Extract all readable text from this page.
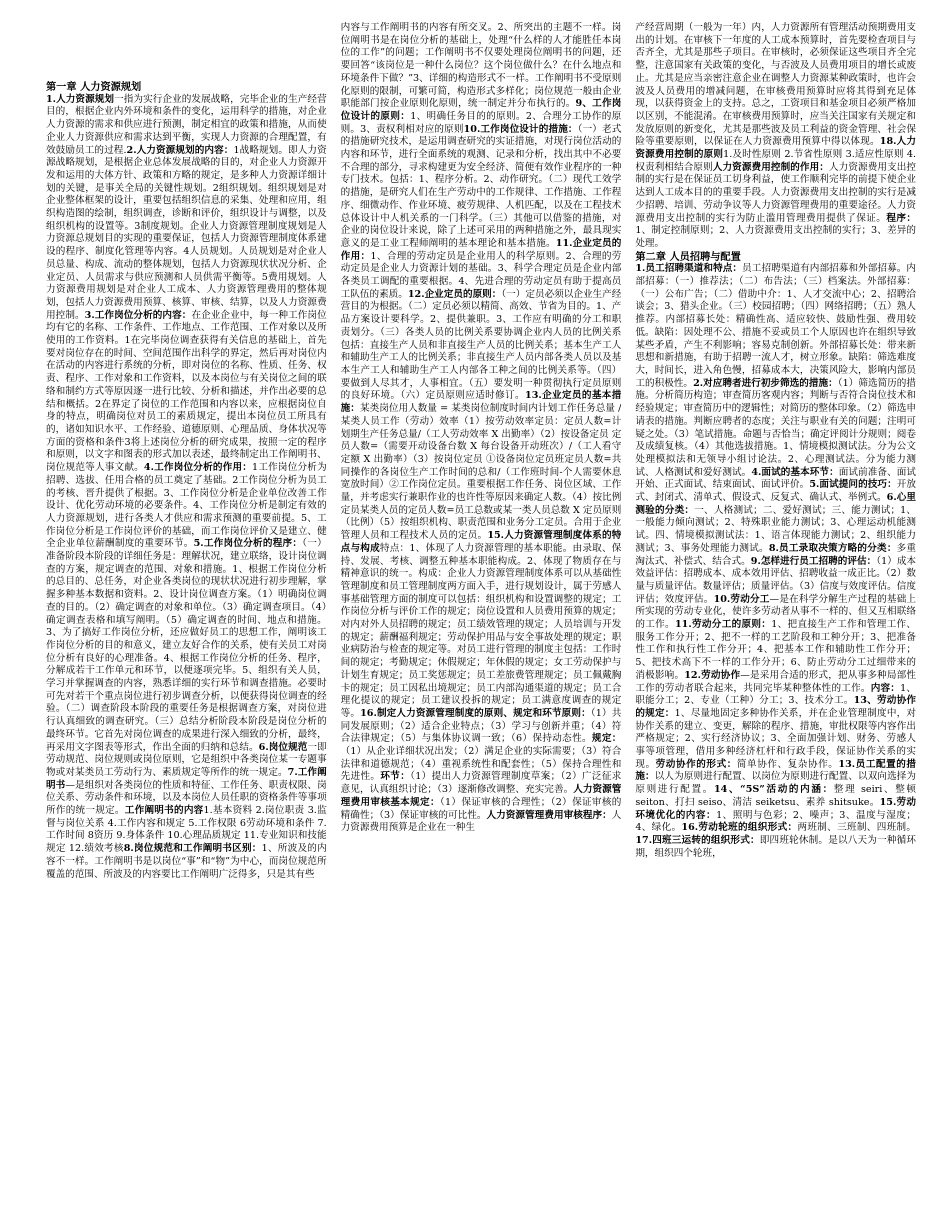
第一章 人力资源规划

1.人力资源规划一指为实行企业的发展战略，完毕企业的生产经营目的，根据企业内外环境和条件的变化，运用科学的措施，对企业人力资源的需求和供应进行预测，制定相宜的政策和措施，从而使企业人力资源供应和需求达到平衡，实现人力资源的合理配置，有效鼓励员工的过程.2.人力资源规划的内容：1战略规划。即人力资源战略规划，是根据企业总体发展战略的目的，对企业人力资源开发和运用的大体方针、政策和方略的规定，是多种人力资源详细计划的关键，是事关全局的关键性规划。2组织规划。组织规划是对企业整体框架的设计，重要包括组织信息的采集、处理和应用，组织构造图的绘制，组织调查，诊断和评价，组织设计与调整，以及组织机构的设置等。3制度规划。企业人力资源管理制度规划是人力资源总规划目的实现的重要保证，包括人力资源管理制度体系建设的程序、制度化管理等内容。4人员规划。人员规划是对企业人员总量、构成、流动的整体规划，包括人力资源现状状况分析、企业定员、人员需求与供应预测和人员供需平衡等。5费用规划。人力资源费用规划是对企业人工成本、人力资源管理费用的整体规划，包括人力资源费用预算、核算、审核、结算，以及人力资源费用控制。3.工作岗位分析的内容：在企业企业中，每一种工作岗位均有它的名称、工作条件、工作地点、工作范围、工作对象以及所使用的工作资料。1在完毕岗位调查获得有关信息的基础上，首先要对岗位存在的时间、空间范围作出科学的界定，然后再对岗位内在活动的内容进行系统的分析，即对岗位的名称、性质、任务、权责、程序、工作对象和工作资料，以及本岗位与有关岗位之间的联络和制约方式等原因逐一进行比较、分析和描述，并作出必要的总结和概括。2在界定了岗位的工作范围和内容以来，应根据岗位自身的特点，明确岗位对员工的素质规定，提出本岗位员工所具有的，诸如知识水平、工作经验、道德原则、心理品质、身体状况等方面的资格和条件3将上述岗位分析的研究成果，按照一定的程序和原则，以文字和图表的形式加以表述，最终制定出工作阐明书、岗位规范等人事文献。4.工作岗位分析的作用：1工作岗位分析为招聘、选拔、任用合格的员工奠定了基础。2工作岗位分析为员工的考核、晋升提供了根据。3、工作岗位分析是企业单位改善工作设计、优化劳动环境的必要条件。4、工作岗位分析是制定有效的人力资源规划，进行各类人才供应和需求预测的重要前提。5、工作岗位分析是工作岗位评价的基础，而工作岗位评价又是建立、健全企业单位薪酬制度的重要环节。5.工作岗位分析的程序：（一）准备阶段本阶段的详细任务是：理解状况，建立联络，设计岗位调查的方案，规定调查的范围、对象和措施。1、根据工作岗位分析的总目的、总任务，对企业各类岗位的现状状况进行初步理解，掌握多种基本数据和资料。2、设计岗位调查方案。（1）明确岗位调查的目的。（2）确定调查的对象和单位。（3）确定调查项目。（4）确定调查表格和填写阐明。（5）确定调查的时间、地点和措施。3、为了搞好工作岗位分析，还应做好员工的思想工作，阐明该工作岗位分析的目的和意义，建立友好合作的关系，使有关员工对岗位分析有良好的心理准备。4、根据工作岗位分析的任务、程序，分解成若干工作单元和环节，以便逐项完毕。5、组织有关人员，学习并掌握调查的内容，熟悉详细的实行环节和调查措施。必要时可先对若干个重点岗位进行初步调查分析，以便获得岗位调查的经验。（二）调查阶段本阶段的重要任务是根据调查方案，对岗位进行认真细致的调查研究。（三）总结分析阶段本阶段是岗位分析的最终环节。它首先对岗位调查的成果进行深入细致的分析，最终，再采用文字图表等形式，作出全面的归纳和总结。6.岗位规范一即劳动规范、岗位规则或岗位原则，它是组织中各类岗位某一专题事物或对某类员工劳动行为、素质规定等所作的统一规定。7.工作阐明书—是组织对各类岗位的性质和特征、工作任务、职责权限、岗位关系、劳动条件和环境，以及本岗位人员任职的资格条件等事项所作的统一规定。工作阐明书的内容1.基本资料 2.岗位职责 3.监督与岗位关系 4.工作内容和规定 5.工作权限 6劳动环境和条件 7.工作时间 8资历 9.身体条件 10.心理品质规定 11.专业知识和技能规定 12.绩效考核8.岗位规范和工作阐明书区别：1、所波及的内容不一样。工作阐明书是以岗位“事”和“物”为中心，而岗位规范所覆盖的范围、所波及的内容要比工作阐明广泛得多，只是其有些

内容与工作阐明书的内容有所交叉。2、所突出的主题不一样。岗位阐明书是在岗位分析的基础上，处理“什么样的人才能胜任本岗位的工作”的问题；工作阐明书不仅要处理岗位阐明书的问题，还要回答“该岗位是一种什么岗位？这个岗位做什么？在什么地点和环境条件下做？”3、详细的构造形式不一样。工作阐明书不受原则化原则的限制，可繁可简，构造形式多样化；岗位规范一般由企业职能部门按企业原则化原则，统一制定并分布执行的。9、工作岗位设计的原则：1、明确任务目的的原则。2、合理分工协作的原则。3、责权利相对应的原则10.工作岗位设计的措施：（一）老式的措施研究技术，是运用调查研究的实证措施，对现行岗位活动的内容和环节，进行全面系统的观测、记录和分析，找出其中不必要不合理的部分，寻求构建更为安全经济、简便有效作业程序的一种专门技术。包括：1、程序分析。2、动作研究。（二）现代工效学的措施，是研究人们在生产劳动中的工作规律、工作措施、工作程序、细微动作、作业环境、疲劳规律、人机匹配，以及在工程技术总体设计中人机关系的一门科学。（三）其他可以借鉴的措施，对企业的岗位设计来说，除了上述可采用的两种措施之外，最具现实意义的是工业工程师阐明的基本理论和基本措施。11.企业定员的作用：1、合理的劳动定员是企业用人的科学原则。2、合理的劳动定员是企业人力资源计划的基础。3、科学合理定员是企业内部各类员工调配的重要根据。4、先进合理的劳动定员有助于提高员工队伍的素质。12.企业定员的原则：（一）定员必须以企业生产经营目的为根据。（二）定员必须以精简、高效、节省为目的。1、产品方案设计要科学。2、提供兼职。3、工作应有明确的分工和职责划分。（三）各类人员的比例关系要协调企业内人员的比例关系包括：直接生产人员和非直接生产人员的比例关系；基本生产工人和辅助生产工人的比例关系；非直接生产人员内部各类人员以及基本生产工人和辅助生产工人内部各工种之间的比例关系等。（四）要做到人尽其才，人事相宜。（五）要发明一种贯彻执行定员原则的良好环境。（六）定员原则应适时修订。13.企业定员的基本措施：某类岗位用人数量 = 某类岗位制度时间内计划工作任务总量 / 某类人员工作（劳动）效率（1）按劳动效率定员：定员人数=计划期生产任务总量/（工人劳动效率 X 出勤率）（2）按设备定员 定员人数=（需要开动设备台数 X 每台设备开动班次）/（工人看守定额 X 出勤率）（3）按岗位定员 ①设备岗位定员班定员人数=共同操作的各岗位生产工作时间的总和/（工作班时间-个人需要休息宽放时间）②工作岗位定员。重要根据工作任务、岗位区域、工作量，并考虑实行兼职作业的也许性等原因来确定人数。（4）按比例定员某类人员的定员人数=员工总数或某一类人员总数 X 定员原则（比例）（5）按组织机构、职责范围和业务分工定员。合用于企业管理人员和工程技术人员的定员。15.人力资源管理制度体系的特点与构成特点：1、体现了人力资源管理的基本职能。由录取、保持、发展、考核、调整五种基本职能构成。2、体现了物质存在与精神意识的统一。构成：企业人力资源管理制度体系可以从基础性管理制度和员工管理制度两方面入手，进行规划设计，属于劳感人事基础管理方面的制度可以包括：组织机构和设置调整的规定；工作岗位分析与评价工作的规定；岗位设置和人员费用预算的规定；对内对外人员招聘的规定；员工绩效管理的规定；人员培训与开发的规定；薪酬福利规定；劳动保护用品与安全事故处理的规定；职业病防治与检查的规定等。对员工进行管理的制度主包括：工作时间的规定；考勤规定；休假规定；年休假的规定；女工劳动保护与计划生育规定；员工奖惩规定；员工差旅费管理规定；员工佩戴胸卡的规定；员工因私出境规定；员工内部沟通渠道的规定；员工合理化提议的规定；员工建议投拆的规定；员工满意度调查的规定等。16.制定人力资源管理制度的原则、规定和环节原则：（1）共同发展原则；（2）适合企业特点；（3）学习与创新并重；（4）符合法律规定；（5）与集体协议调一致；（6）保持动态性。规定：（1）从企业详细状况出发；（2）满足企业的实际需要；（3）符合法律和道德规范；（4）重视系统性和配套性；（5）保持合理性和先进性。环节：（1）提出人力资源管理制度草案；（2）广泛征求意见，认真组织讨论；（3）逐渐修改调整、充实完善。人力资源管理费用审核基本规定：（1）保证审核的合理性；（2）保证审核的精确性；（3）保证审核的可比性。人力资源管理费用审核程序：人力资源费用预算是企业在一种生

产经营周期（一般为一年）内，人力资源所有管理活动预期费用支出的计划。在审核下一年度的人工成本预算时，首先要检查项目与否齐全，尤其是那些子项目。在审核时，必须保证这些项目齐全完整，注意国家有关政策的变化，与否波及人员费用项目的增长或废止。尤其是应当亲密注意企业在调整人力资源某种政策时，也许会波及人员费用的增减问题，在审核费用预算时应将其得到充足体现，以获得资金上的支持。总之，工资项目和基金项目必须严格加以区别，不能混淆。在审核费用预算时，应当关注国家有关规定和发放原则的新变化，尤其是那些波及员工利益的资金管理、社会保险等重要原则，以保证在人力资源费用预算中得以体现。18.人力资源费用控制的原则1.及时性原则 2.节省性原则 3.适应性原则 4.权责利相结合原则人力资源费用控制的作用：人力资源费用支出控制的实行是在保证员工切身利益，使工作顺利完毕的前提下使企业达到人工成本目的的重要手段。人力资源费用支出控制的实行是减少招聘、培训、劳动争议等人力资源管理费用的重要途径。人力资源费用支出控制的实行为防止滥用管理费用提供了保证。程序：1、制定控制原则；2、人力资源费用支出控制的实行；3、差异的处理。

第二章 人员招聘与配置

1.员工招聘渠道和特点：员工招聘渠道有内部招募和外部招募。内部招募：（一）推荐法；（二）布告法；（三）档案法。外部招募：（一）公布广告；（二）借助中介：1、人才交流中心；2、招聘洽谈会；3、猎头企业。（三）校园招聘；（四）网络招聘；（五）熟人推荐。内部招募长处：精确性高、适应较快、鼓励性强、费用较低。缺陷：因处理不公、措施不妥或员工个人原因也许在组织导致某些矛盾，产生不利影响；容易克制创新。外部招募长处：带来新思想和新措施，有助于招聘一流人才，树立形象。缺陷：筛选难度大，时间长，进入角色慢，招募成本大，决策风险大，影响内部员工的积极性。2.对应聘者进行初步筛选的措施：（1）筛选简历的措施。分析简历构造；审查简历客观内容；判断与否符合岗位技术和经验规定；审查简历中的逻辑性；对简历的整体印象。（2）筛选申请表的措施。判断应聘者的态度；关注与职业有关的问题；注明可疑之处。（3）笔试措施。命题与否恰当；确定评阅计分规则；阅卷及成绩复核。（4）其他选拔措施。1、情境模拟测试法。分为公文处理模拟法和无领导小组讨论法。2、心理测试法。分为能力测试、人格测试和爱好测试。4.面试的基本环节：面试前准备、面试开始、正式面试、结束面试、面试评价。5.面试提问的技巧：开放式、封闭式、清单式、假设式、反复式、确认式、举例式。6.心里测验的分类：一、人格测试；二、爱好测试；三、能力测试；1、一般能力倾向测试；2、特殊职业能力测试；3、心理运动机能测试。四、情境模拟测试法：1、语言体现能力测试；2、组织能力测试；3、事务处理能力测试。8.员工录取决策方略的分类：多重淘汰式、补偿式、结合式。9.怎样进行员工招聘的评估：（1）成本效益评估：招聘成本、成本效用评估、招聘收益一成正比。（2）数量与质量评估。数量评估；质量评估。（3）信度与效度评估。信度评估；效度评估。10.劳动分工—是在科学分解生产过程的基础上所实现的劳动专业化，使许多劳动者从事不一样的、但又互相联络的工作。11.劳动分工的原则：1、把直接生产工作和管理工作、服务工作分开；2、把不一样的工艺阶段和工种分开；3、把准备性工作和执行性工作分开；4、把基本工作和辅助性工作分开；5、把技术高下不一样的工作分开；6、防止劳动分工过细带来的消极影响。12.劳动协作—是采用合适的形式，把从事多种局部性工作的劳动者联合起来，共同完毕某种整体性的工作。内容：1、职能分工；2、专业（工种）分工；3、技术分工。13、劳动协作的规定：1、尽量地固定多种协作关系，并在企业管理制度中，对协作关系的建立、变更，解除的程序、措施，审批权限等内容作出严格规定；2、实行经济协议；3、全面加强计划、财务、劳感人事等项管理，借用多种经济杠杆和行政手段，保证协作关系的实现。劳动协作的形式：简单协作、复杂协作。13.员工配置的措施：以人为原则进行配置、以岗位为原则进行配置、以双向选择为原则进行配置。14、“5S”活动的内涵：整理 seiri、整顿 seiton、打扫 seiso、清洁 seiketsu、素养 shitsuke。15.劳动环境优化的内容：1、照明与色彩；2、噪声；3、温度与湿度；4、绿化。16.劳动轮班的组织形式：两班制、三班制、四班制。17.四班三运转的组织形式：即四班轮休制。是以八天为一种循环期，组织四个轮班，
